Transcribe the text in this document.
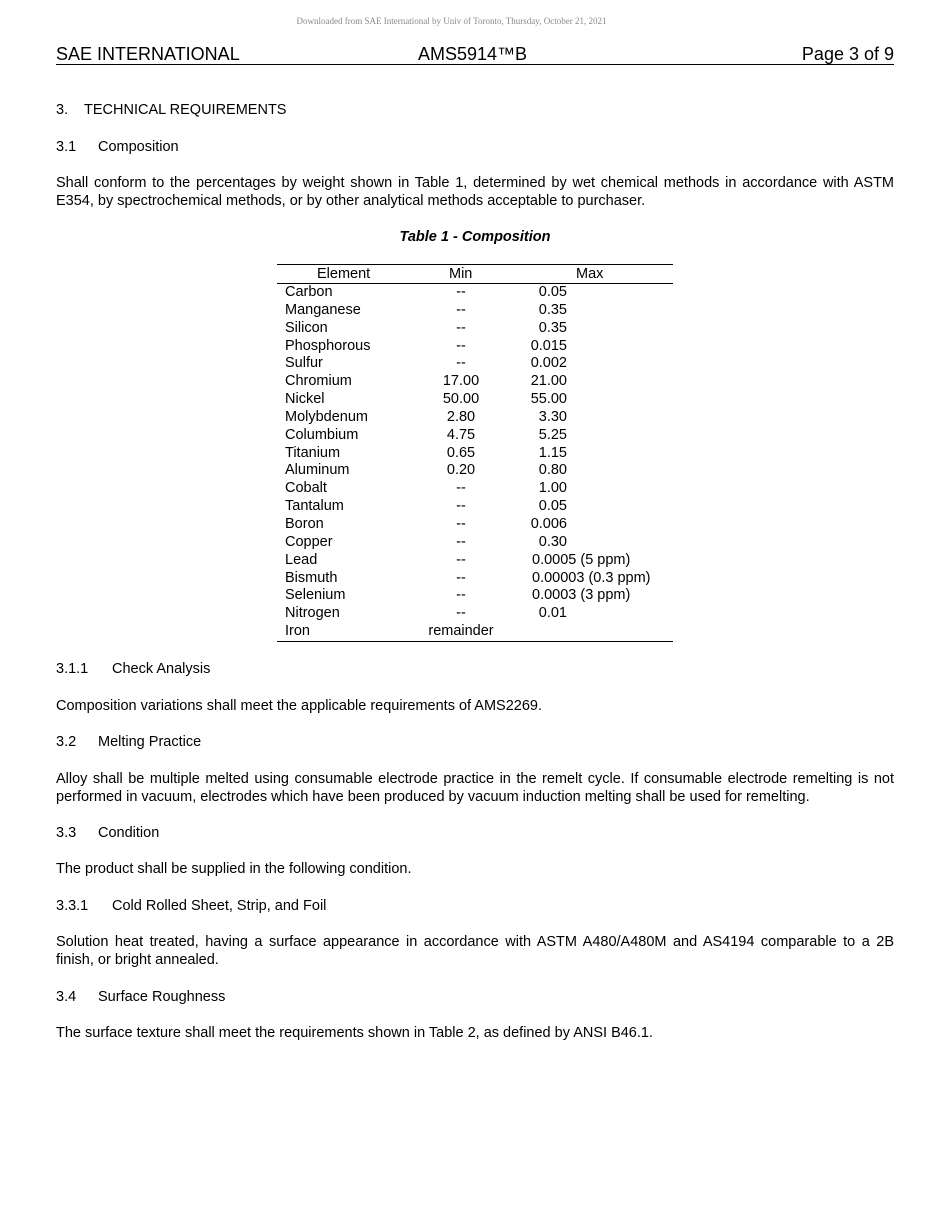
Downloaded from SAE International by Univ of Toronto, Thursday, October 21, 2021
SAE INTERNATIONAL	AMS5914™B	Page 3 of 9
3. TECHNICAL REQUIREMENTS
3.1 Composition
Shall conform to the percentages by weight shown in Table 1, determined by wet chemical methods in accordance with ASTM E354, by spectrochemical methods, or by other analytical methods acceptable to purchaser.
Table 1 - Composition
Element	Min	Max
Carbon	--	0.05
Manganese	--	0.35
Silicon	--	0.35
Phosphorous	--	0.015
Sulfur	--	0.002
Chromium	17.00	21.00
Nickel	50.00	55.00
Molybdenum	2.80	3.30
Columbium	4.75	5.25
Titanium	0.65	1.15
Aluminum	0.20	0.80
Cobalt	--	1.00
Tantalum	--	0.05
Boron	--	0.006
Copper	--	0.30
Lead	--	0.0005 (5 ppm)
Bismuth	--	0.00003 (0.3 ppm)
Selenium	--	0.0003 (3 ppm)
Nitrogen	--	0.01
Iron	remainder
3.1.1 Check Analysis
Composition variations shall meet the applicable requirements of AMS2269.
3.2 Melting Practice
Alloy shall be multiple melted using consumable electrode practice in the remelt cycle. If consumable electrode remelting is not performed in vacuum, electrodes which have been produced by vacuum induction melting shall be used for remelting.
3.3 Condition
The product shall be supplied in the following condition.
3.3.1 Cold Rolled Sheet, Strip, and Foil
Solution heat treated, having a surface appearance in accordance with ASTM A480/A480M and AS4194 comparable to a 2B finish, or bright annealed.
3.4 Surface Roughness
The surface texture shall meet the requirements shown in Table 2, as defined by ANSI B46.1.
